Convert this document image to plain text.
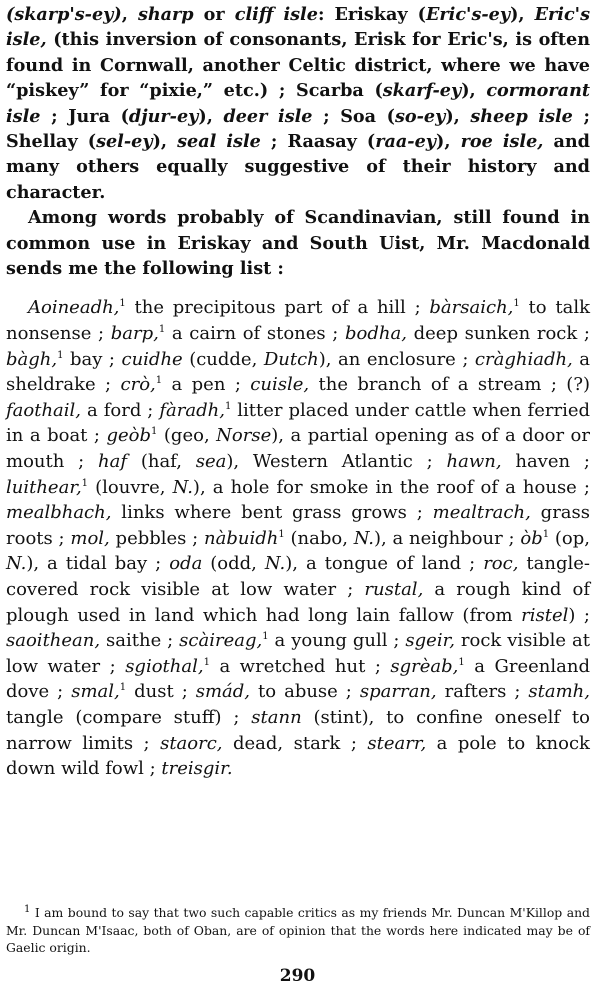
(skarp's-ey), sharp or cliff isle: Eriskay (Eric's-ey), Eric's isle, (this inversion of consonants, Erisk for Eric's, is often found in Cornwall, another Celtic district, where we have “piskey” for “pixie,” etc.) ; Scarba (skarf-ey), cormorant isle ; Jura (djur-ey), deer isle ; Soa (so-ey), sheep isle ; Shellay (sel-ey), seal isle ; Raasay (raa-ey), roe isle, and many others equally suggestive of their history and character.

Among words probably of Scandinavian, still found in common use in Eriskay and South Uist, Mr. Macdonald sends me the following list :

Aoineadh,$^1$ the precipitous part of a hill ; bàrsaich,$^1$ to talk nonsense ; barp,$^1$ a cairn of stones ; bodha, deep sunken rock ; bàgh,$^1$ bay ; cuidhe (cudde, Dutch), an enclosure ; cràghiadh, a sheldrake ; crò,$^1$ a pen ; cuisle, the branch of a stream ; (?) faothail, a ford ; fàradh,$^1$ litter placed under cattle when ferried in a boat ; geòb$^1$ (geo, Norse), a partial opening as of a door or mouth ; haf (haf, sea), Western Atlantic ; hawn, haven ; luithear,$^1$ (louvre, N.), a hole for smoke in the roof of a house ; mealbhach, links where bent grass grows ; mealtrach, grass roots ; mol, pebbles ; nàbuidh$^1$ (nabo, N.), a neighbour ; $òb^1$ (op, N.), a tidal bay ; oda (odd, N.), a tongue of land ; roc, tangle-covered rock visible at low water ; rustal, a rough kind of plough used in land which had long lain fallow (from ristel) ; saoithean, saithe ; scàireag,$^1$ a young gull ; sgeir, rock visible at low water ; sgiothal,$^1$ a wretched hut ; sgrèab,$^1$ a Greenland dove ; smal,$^1$ dust ; smád, to abuse ; sparran, rafters ; stamh, tangle (compare stuff) ; stann (stint), to confine oneself to narrow limits ; staorc, dead, stark ; stearr, a pole to knock down wild fowl ; treisgir.

$^1$ I am bound to say that two such capable critics as my friends Mr. Duncan M'Killop and Mr. Duncan M'Isaac, both of Oban, are of opinion that the words here indicated may be of Gaelic origin.

290
